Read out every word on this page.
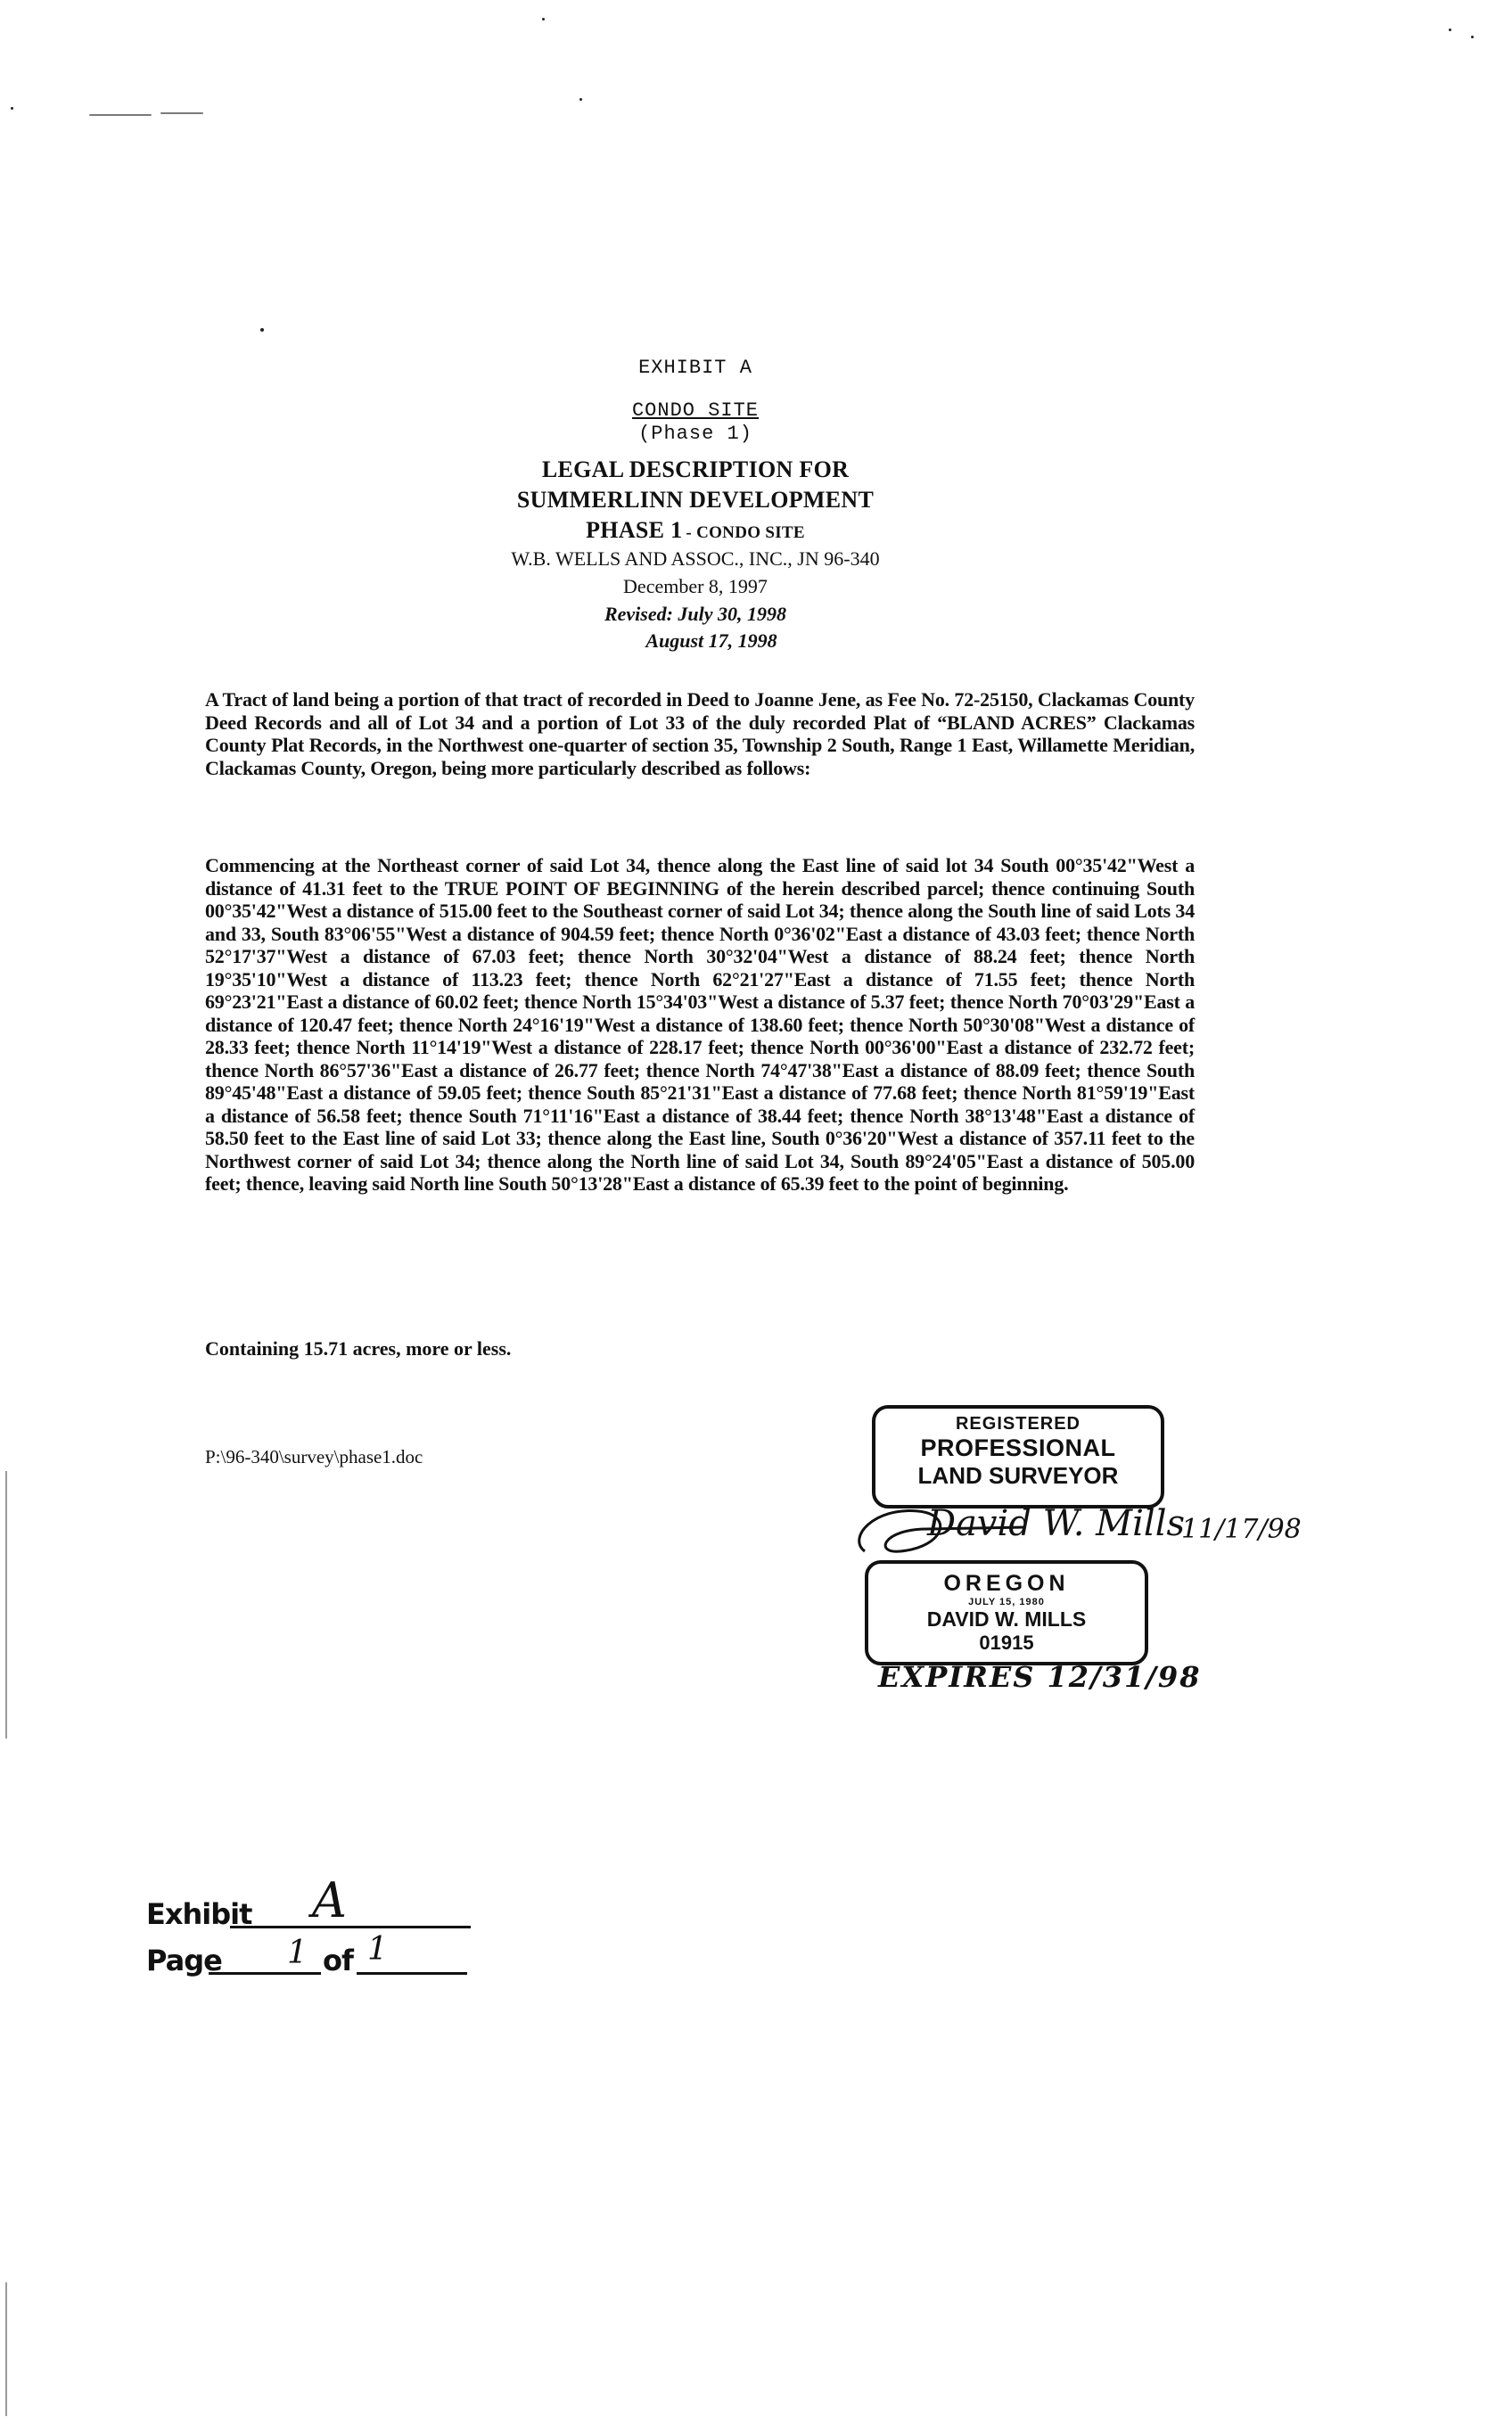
EXHIBIT A
CONDO SITE
(Phase 1)
LEGAL DESCRIPTION FOR
SUMMERLINN DEVELOPMENT
PHASE 1 - CONDO SITE
W.B. WELLS AND ASSOC., INC., JN 96-340
December 8, 1997
Revised: July 30, 1998
August 17, 1998
A Tract of land being a portion of that tract of recorded in Deed to Joanne Jene, as Fee No. 72-25150, Clackamas County Deed Records and all of Lot 34 and a portion of Lot 33 of the duly recorded Plat of “BLAND ACRES” Clackamas County Plat Records, in the Northwest one-quarter of section 35, Township 2 South, Range 1 East, Willamette Meridian, Clackamas County, Oregon, being more particularly described as follows:
Commencing at the Northeast corner of said Lot 34, thence along the East line of said lot 34 South 00°35'42"West a distance of 41.31 feet to the TRUE POINT OF BEGINNING of the herein described parcel; thence continuing South 00°35'42"West a distance of 515.00 feet to the Southeast corner of said Lot 34; thence along the South line of said Lots 34 and 33, South 83°06'55"West a distance of 904.59 feet; thence North 0°36'02"East a distance of 43.03 feet; thence North 52°17'37"West a distance of 67.03 feet; thence North 30°32'04"West a distance of 88.24 feet; thence North 19°35'10"West a distance of 113.23 feet; thence North 62°21'27"East a distance of 71.55 feet; thence North 69°23'21"East a distance of 60.02 feet; thence North 15°34'03"West a distance of 5.37 feet; thence North 70°03'29"East a distance of 120.47 feet; thence North 24°16'19"West a distance of 138.60 feet; thence North 50°30'08"West a distance of 28.33 feet; thence North 11°14'19"West a distance of 228.17 feet; thence North 00°36'00"East a distance of 232.72 feet; thence North 86°57'36"East a distance of 26.77 feet; thence North 74°47'38"East a distance of 88.09 feet; thence South 89°45'48"East a distance of 59.05 feet; thence South 85°21'31"East a distance of 77.68 feet; thence North 81°59'19"East a distance of 56.58 feet; thence South 71°11'16"East a distance of 38.44 feet; thence North 38°13'48"East a distance of 58.50 feet to the East line of said Lot 33; thence along the East line, South 0°36'20"West a distance of 357.11 feet to the Northwest corner of said Lot 34; thence along the North line of said Lot 34, South 89°24'05"East a distance of 505.00 feet; thence, leaving said North line South 50°13'28"East a distance of 65.39 feet to the point of beginning.
Containing 15.71 acres, more or less.
P:\96-340\survey\phase1.doc
REGISTERED
PROFESSIONAL
LAND SURVEYOR
David W. Mills
11/17/98
OREGON
JULY 15, 1980
DAVID W. MILLS
01915
EXPIRES 12/31/98
Exhibit A
Page 1 of 1
